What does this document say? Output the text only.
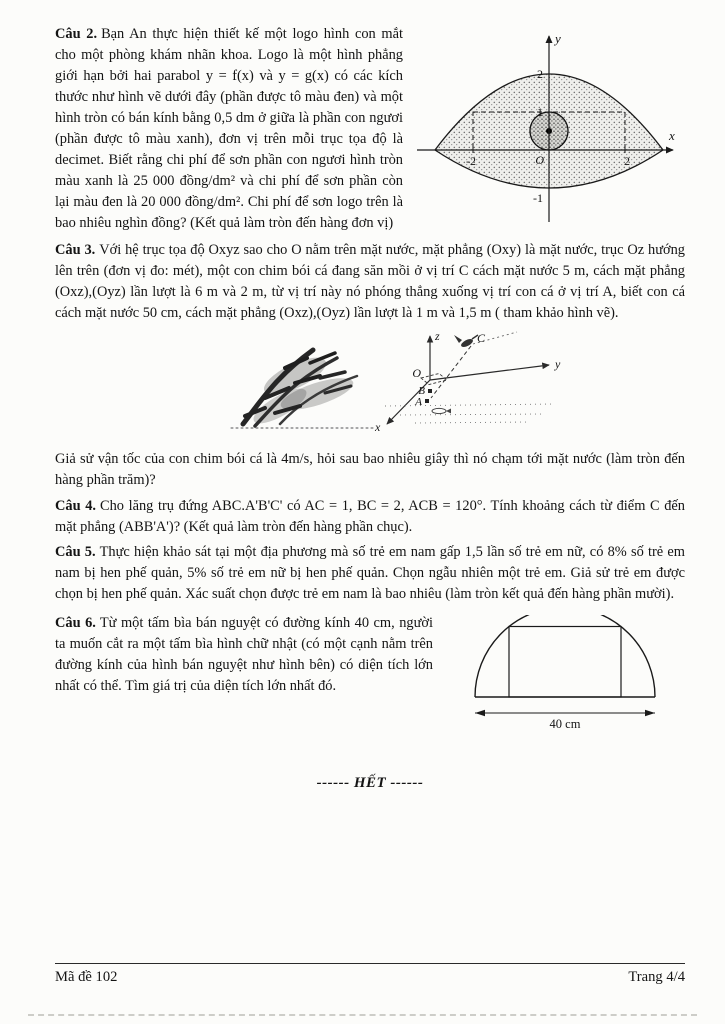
y
x
2
1
O
-1
-2	2

Câu 2. Bạn An thực hiện thiết kế một logo hình con mắt cho một phòng khám nhãn khoa. Logo là một hình phẳng giới hạn bởi hai parabol y = f(x) và y = g(x) có các kích thước như hình vẽ dưới đây (phần được tô màu đen) và một hình tròn có bán kính bằng 0,5 dm ở giữa là phần con ngươi (phần được tô màu xanh), đơn vị trên mỗi trục tọa độ là decimet. Biết rằng chi phí để sơn phần con ngươi hình tròn màu xanh là 25 000 đồng/dm² và chi phí để sơn phần còn lại màu đen là 20 000 đồng/dm². Chi phí để sơn logo trên là bao nhiêu nghìn đồng? (Kết quả làm tròn đến hàng đơn vị)

Câu 3. Với hệ trục tọa độ Oxyz sao cho O nằm trên mặt nước, mặt phẳng (Oxy) là mặt nước, trục Oz hướng lên trên (đơn vị đo: mét), một con chim bói cá đang săn mồi ở vị trí C cách mặt nước 5 m, cách mặt phẳng (Oxz),(Oyz) lần lượt là 6 m và 2 m, từ vị trí này nó phóng thẳng xuống vị trí con cá ở vị trí A, biết con cá cách mặt nước 50 cm, cách mặt phẳng (Oxz),(Oyz) lần lượt là 1 m và 1,5 m ( tham khảo hình vẽ).

z
y
x
O
C
B
A

Giả sử vận tốc của con chim bói cá là 4m/s, hỏi sau bao nhiêu giây thì nó chạm tới mặt nước (làm tròn đến hàng phần trăm)?

Câu 4. Cho lăng trụ đứng ABC.A'B'C' có AC = 1, BC = 2, ACB = 120°. Tính khoảng cách từ điểm C đến mặt phẳng (ABB'A')? (Kết quả làm tròn đến hàng phần chục).

Câu 5. Thực hiện khảo sát tại một địa phương mà số trẻ em nam gấp 1,5 lần số trẻ em nữ, có 8% số trẻ em nam bị hen phế quản, 5% số trẻ em nữ bị hen phế quản. Chọn ngẫu nhiên một trẻ em. Giả sử trẻ em được chọn bị hen phế quản. Xác suất chọn được trẻ em nam là bao nhiêu (làm tròn kết quả đến hàng phần mười).

40 cm

Câu 6. Từ một tấm bìa bán nguyệt có đường kính 40 cm, người ta muốn cắt ra một tấm bìa hình chữ nhật (có một cạnh nằm trên đường kính của hình bán nguyệt như hình bên) có diện tích lớn nhất có thể. Tìm giá trị của diện tích lớn nhất đó.

------ HẾT ------
Mã đề 102	Trang 4/4
